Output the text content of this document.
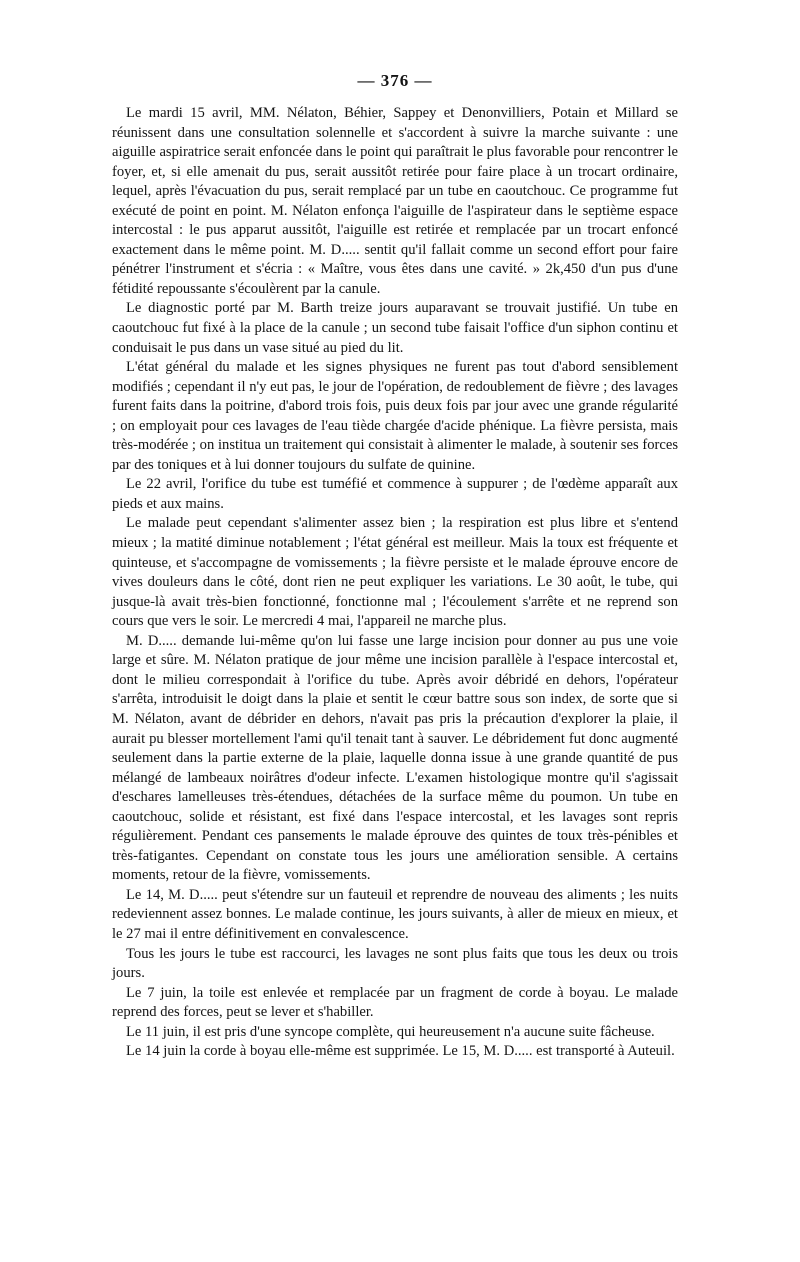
— 376 —

Le mardi 15 avril, MM. Nélaton, Béhier, Sappey et Denonvilliers, Potain et Millard se réunissent dans une consultation solennelle et s'accordent à suivre la marche suivante : une aiguille aspiratrice serait enfoncée dans le point qui paraîtrait le plus favorable pour rencontrer le foyer, et, si elle amenait du pus, serait aussitôt retirée pour faire place à un trocart ordinaire, lequel, après l'évacuation du pus, serait remplacé par un tube en caoutchouc. Ce programme fut exécuté de point en point. M. Nélaton enfonça l'aiguille de l'aspirateur dans le septième espace intercostal : le pus apparut aussitôt, l'aiguille est retirée et remplacée par un trocart enfoncé exactement dans le même point. M. D..... sentit qu'il fallait comme un second effort pour faire pénétrer l'instrument et s'écria : « Maître, vous êtes dans une cavité. » 2k,450 d'un pus d'une fétidité repoussante s'écoulèrent par la canule.

Le diagnostic porté par M. Barth treize jours auparavant se trouvait justifié. Un tube en caoutchouc fut fixé à la place de la canule ; un second tube faisait l'office d'un siphon continu et conduisait le pus dans un vase situé au pied du lit.

L'état général du malade et les signes physiques ne furent pas tout d'abord sensiblement modifiés ; cependant il n'y eut pas, le jour de l'opération, de redoublement de fièvre ; des lavages furent faits dans la poitrine, d'abord trois fois, puis deux fois par jour avec une grande régularité ; on employait pour ces lavages de l'eau tiède chargée d'acide phénique. La fièvre persista, mais très-modérée ; on institua un traitement qui consistait à alimenter le malade, à soutenir ses forces par des toniques et à lui donner toujours du sulfate de quinine.

Le 22 avril, l'orifice du tube est tuméfié et commence à suppurer ; de l'œdème apparaît aux pieds et aux mains.

Le malade peut cependant s'alimenter assez bien ; la respiration est plus libre et s'entend mieux ; la matité diminue notablement ; l'état général est meilleur. Mais la toux est fréquente et quinteuse, et s'accompagne de vomissements ; la fièvre persiste et le malade éprouve encore de vives douleurs dans le côté, dont rien ne peut expliquer les variations. Le 30 août, le tube, qui jusque-là avait très-bien fonctionné, fonctionne mal ; l'écoulement s'arrête et ne reprend son cours que vers le soir. Le mercredi 4 mai, l'appareil ne marche plus.

M. D..... demande lui-même qu'on lui fasse une large incision pour donner au pus une voie large et sûre. M. Nélaton pratique de jour même une incision parallèle à l'espace intercostal et, dont le milieu correspondait à l'orifice du tube. Après avoir débridé en dehors, l'opérateur s'arrêta, introduisit le doigt dans la plaie et sentit le cœur battre sous son index, de sorte que si M. Nélaton, avant de débrider en dehors, n'avait pas pris la précaution d'explorer la plaie, il aurait pu blesser mortellement l'ami qu'il tenait tant à sauver. Le débridement fut donc augmenté seulement dans la partie externe de la plaie, laquelle donna issue à une grande quantité de pus mélangé de lambeaux noirâtres d'odeur infecte. L'examen histologique montre qu'il s'agissait d'eschares lamelleuses très-étendues, détachées de la surface même du poumon. Un tube en caoutchouc, solide et résistant, est fixé dans l'espace intercostal, et les lavages sont repris régulièrement. Pendant ces pansements le malade éprouve des quintes de toux très-pénibles et très-fatigantes. Cependant on constate tous les jours une amélioration sensible. A certains moments, retour de la fièvre, vomissements.

Le 14, M. D..... peut s'étendre sur un fauteuil et reprendre de nouveau des aliments ; les nuits redeviennent assez bonnes. Le malade continue, les jours suivants, à aller de mieux en mieux, et le 27 mai il entre définitivement en convalescence.

Tous les jours le tube est raccourci, les lavages ne sont plus faits que tous les deux ou trois jours.

Le 7 juin, la toile est enlevée et remplacée par un fragment de corde à boyau. Le malade reprend des forces, peut se lever et s'habiller.

Le 11 juin, il est pris d'une syncope complète, qui heureusement n'a aucune suite fâcheuse.

Le 14 juin la corde à boyau elle-même est supprimée. Le 15, M. D..... est transporté à Auteuil.
